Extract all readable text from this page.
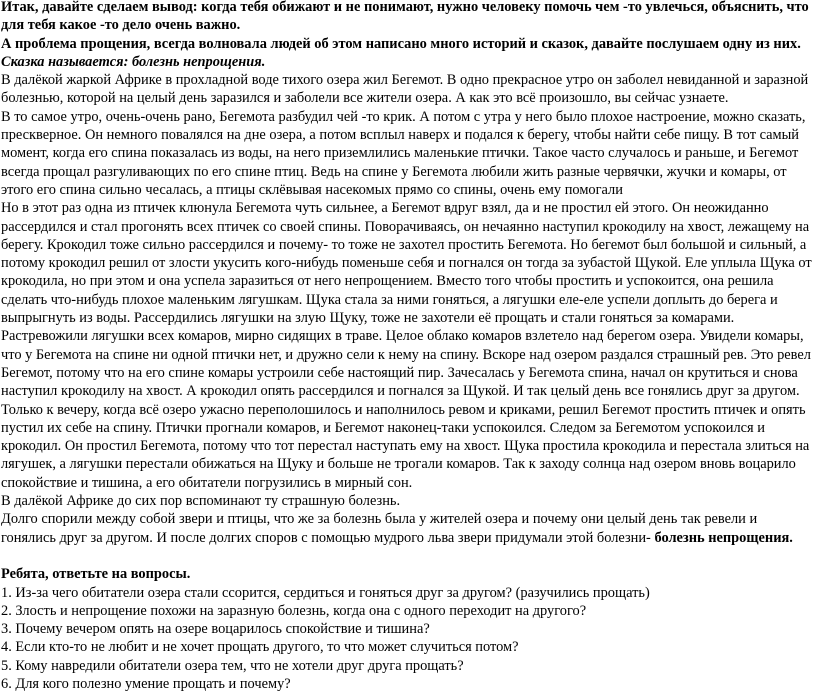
Итак, давайте сделаем вывод: когда тебя обижают и не понимают, нужно человеку помочь чем -то увлечься, объяснить, что для тебя какое -то дело очень важно.

А проблема прощения, всегда волновала людей об этом написано много историй и сказок, давайте послушаем одну из них.

Сказка называется: болезнь непрощения.

В далёкой жаркой Африке в прохладной воде тихого озера жил Бегемот. В одно прекрасное утро он заболел невиданной и заразной болезнью, которой на целый день заразился и заболели все жители озера. А как это всё произошло, вы сейчас узнаете.

В то самое утро, очень-очень рано, Бегемота разбудил чей -то крик. А потом с утра у него было плохое настроение, можно сказать, прескверное. Он немного повалялся на дне озера, а потом всплыл наверх и подался к берегу, чтобы найти себе пищу. В тот самый момент, когда его спина показалась из воды, на него приземлились маленькие птички. Такое часто случалось и раньше, и Бегемот всегда прощал разгуливающих по его спине птиц. Ведь на спине у Бегемота любили жить разные червячки, жучки и комары, от этого его спина сильно чесалась, а птицы склёвывая насекомых прямо со спины, очень ему помогали

Но в этот раз одна из птичек клюнула Бегемота чуть сильнее, а Бегемот вдруг взял, да и не простил ей этого. Он неожиданно рассердился и стал прогонять всех птичек со своей спины. Поворачиваясь, он нечаянно наступил крокодилу на хвост, лежащему на берегу. Крокодил тоже сильно рассердился и почему- то тоже не захотел простить Бегемота. Но бегемот был большой и сильный, а потому крокодил решил от злости укусить кого-нибудь поменьше себя и погнался он тогда за зубастой Щукой. Еле уплыла Щука от крокодила, но при этом и она успела заразиться от него непрощением. Вместо того чтобы простить и успокоится, она решила сделать что-нибудь плохое маленьким лягушкам. Щука стала за ними гоняться, а лягушки еле-еле успели доплыть до берега и выпрыгнуть из воды. Рассердились лягушки на злую Щуку, тоже не захотели её прощать и стали гоняться за комарами. Растревожили лягушки всех комаров, мирно сидящих в траве. Целое облако комаров взлетело над берегом озера. Увидели комары, что у Бегемота на спине ни одной птички нет, и дружно сели к нему на спину. Вскоре над озером раздался страшный рев. Это ревел Бегемот, потому что на его спине комары устроили себе настоящий пир. Зачесалась у Бегемота спина, начал он крутиться и снова наступил крокодилу на хвост. А крокодил опять рассердился и погнался за Щукой. И так целый день все гонялись друг за другом.

Только к вечеру, когда всё озеро ужасно переполошилось и наполнилось ревом и криками, решил Бегемот простить птичек и опять пустил их себе на спину. Птички прогнали комаров, и Бегемот наконец-таки успокоился. Следом за Бегемотом успокоился и крокодил. Он простил Бегемота, потому что тот перестал наступать ему на хвост. Щука простила крокодила и перестала злиться на лягушек, а лягушки перестали обижаться на Щуку и больше не трогали комаров. Так к заходу солнца над озером вновь воцарило спокойствие и тишина, а его обитатели погрузились в мирный сон.

В далёкой Африке до сих пор вспоминают ту страшную болезнь.

Долго спорили между собой звери и птицы, что же за болезнь была у жителей озера и почему они целый день так ревели и гонялись друг за другом. И после долгих споров с помощью мудрого льва звери придумали этой болезни- болезнь непрощения.

Ребята, ответьте на вопросы.

1. Из-за чего обитатели озера стали ссорится, сердиться и гоняться друг за другом? (разучились прощать)

2. Злость и непрощение похожи на заразную болезнь, когда она с одного переходит на другого?

3. Почему вечером опять на озере воцарилось спокойствие и тишина?

4. Если кто-то не любит и не хочет прощать другого, то что может случиться потом?

5. Кому навредили обитатели озера тем, что не хотели друг друга прощать?

6. Для кого полезно умение прощать и почему?
